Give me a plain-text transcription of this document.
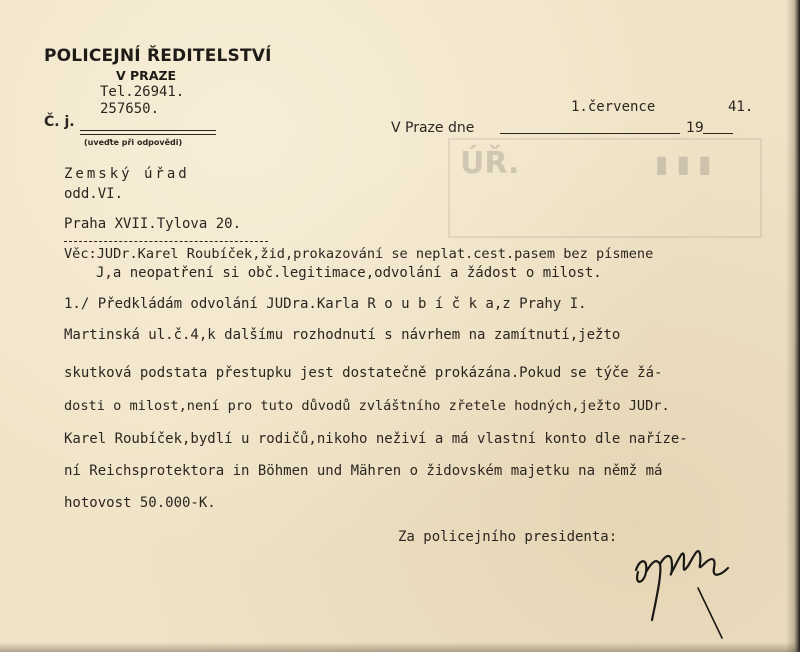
ÚŘ.	▮ ▮ ▮
POLICEJNÍ ŘEDITELSTVÍ
V PRAZE
Tel.26941.
257650.
Č. j.
(uveďte při odpovědi)
1.července	41.
V Praze dne	19
Zemský úřad
odd.VI.
Praha XVII.Tylova 20.
Věc:JUDr.Karel Roubíček,žid,prokazování se neplat.cest.pasem bez písmene
J,a neopatření si obč.legitimace,odvolání a žádost o milost.
1./ Předkládám odvolání JUDra.Karla R o u b í č k a,z Prahy I.
Martinská ul.č.4,k dalšímu rozhodnutí s návrhem na zamítnutí,ježto
skutková podstata přestupku jest dostatečně prokázána.Pokud se týče žá-
dosti o milost,není pro tuto důvodů zvláštního zřetele hodných,ježto JUDr.
Karel Roubíček,bydlí u rodičů,nikoho neživí a má vlastní konto dle naříze-
ní Reichsprotektora in Böhmen und Mähren o židovském majetku na němž má
hotovost 50.000-K.
Za policejního presidenta:
